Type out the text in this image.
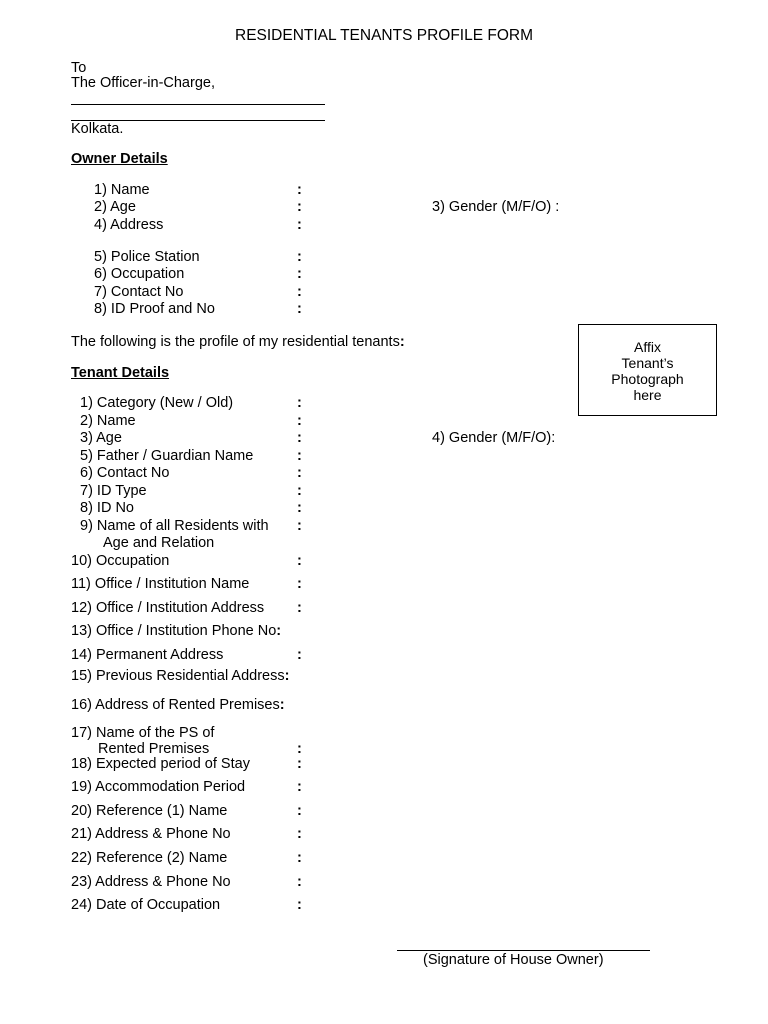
RESIDENTIAL TENANTS PROFILE FORM
To
The Officer-in-Charge,
Kolkata.
Owner Details
1) Name	:
2) Age	:	3) Gender (M/F/O) :
4) Address	:
5) Police Station	:
6) Occupation	:
7) Contact No	:
8) ID Proof and No	:
The following is the profile of my residential tenants:	Affix
Tenant’s
Photograph
here
Tenant Details
1) Category (New / Old)	:
2) Name	:
3) Age	:	4) Gender (M/F/O):
5) Father / Guardian Name	:
6) Contact No	:
7) ID Type	:
8) ID No	:
9) Name of all Residents with :
Age and Relation
10) Occupation	:
11) Office / Institution Name	:
12) Office / Institution Address :
13) Office / Institution Phone No:
14) Permanent Address	:
15) Previous Residential Address:
16) Address of Rented Premises:
17) Name of the PS of
Rented Premises	:
18) Expected period of Stay	:
19) Accommodation Period	:
20) Reference (1) Name	:
21) Address & Phone No	:
22) Reference (2) Name	:
23) Address & Phone No	:
24) Date of Occupation	:
(Signature of House Owner)
